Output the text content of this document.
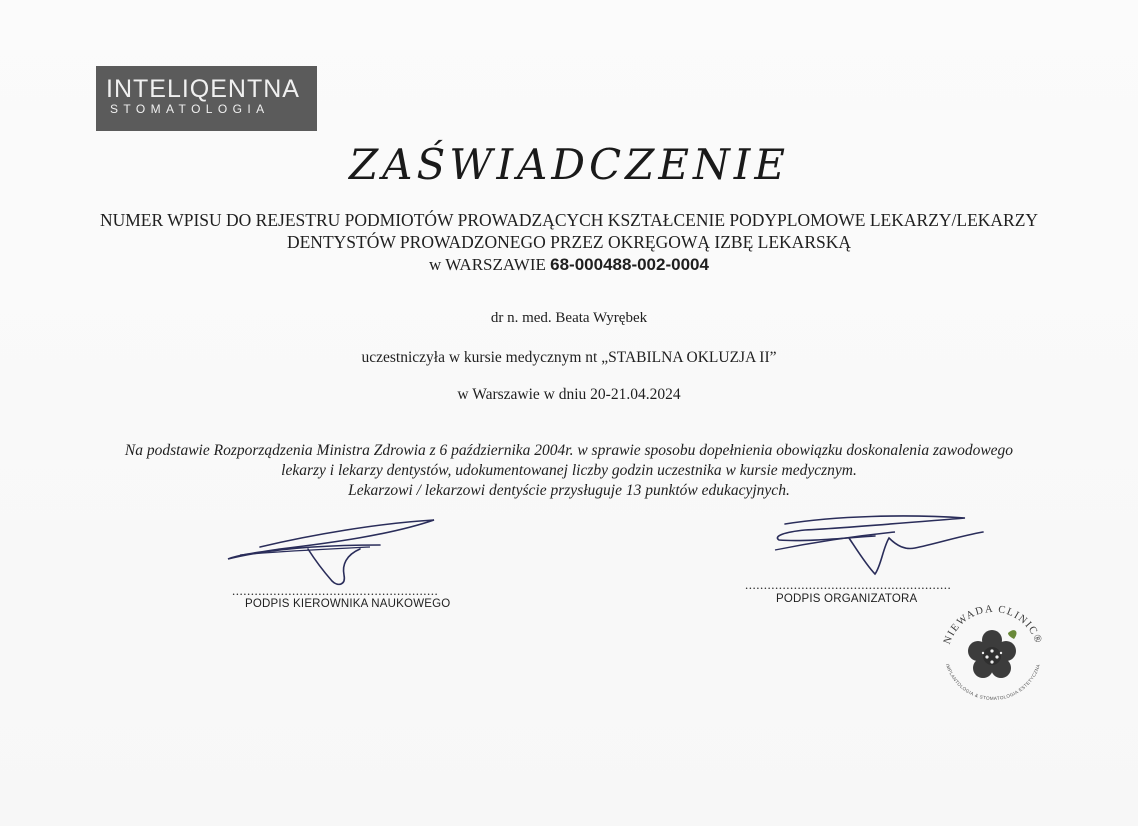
INTELIQENTNA
STOMATOLOGIA
ZAŚWIADCZENIE
NUMER WPISU DO REJESTRU PODMIOTÓW PROWADZĄCYCH KSZTAŁCENIE PODYPLOMOWE LEKARZY/LEKARZY
DENTYSTÓW PROWADZONEGO PRZEZ OKRĘGOWĄ IZBĘ LEKARSKĄ
w WARSZAWIE 68-000488-002-0004
dr n. med. Beata Wyrębek
uczestniczyła w kursie medycznym nt „STABILNA OKLUZJA II”
w Warszawie w dniu 20-21.04.2024
Na podstawie Rozporządzenia Ministra Zdrowia z 6 października 2004r. w sprawie sposobu dopełnienia obowiązku doskonalenia zawodowego
lekarzy i lekarzy dentystów, udokumentowanej liczby godzin uczestnika w kursie medycznym.
Lekarzowi / lekarzowi dentyście przysługuje 13 punktów edukacyjnych.
.......................................................
PODPIS KIEROWNIKA NAUKOWEGO
.......................................................
PODPIS ORGANIZATORA
NIEWADA CLINIC®
IMPLANTOLOGIA & STOMATOLOGIA ESTETYCZNA
